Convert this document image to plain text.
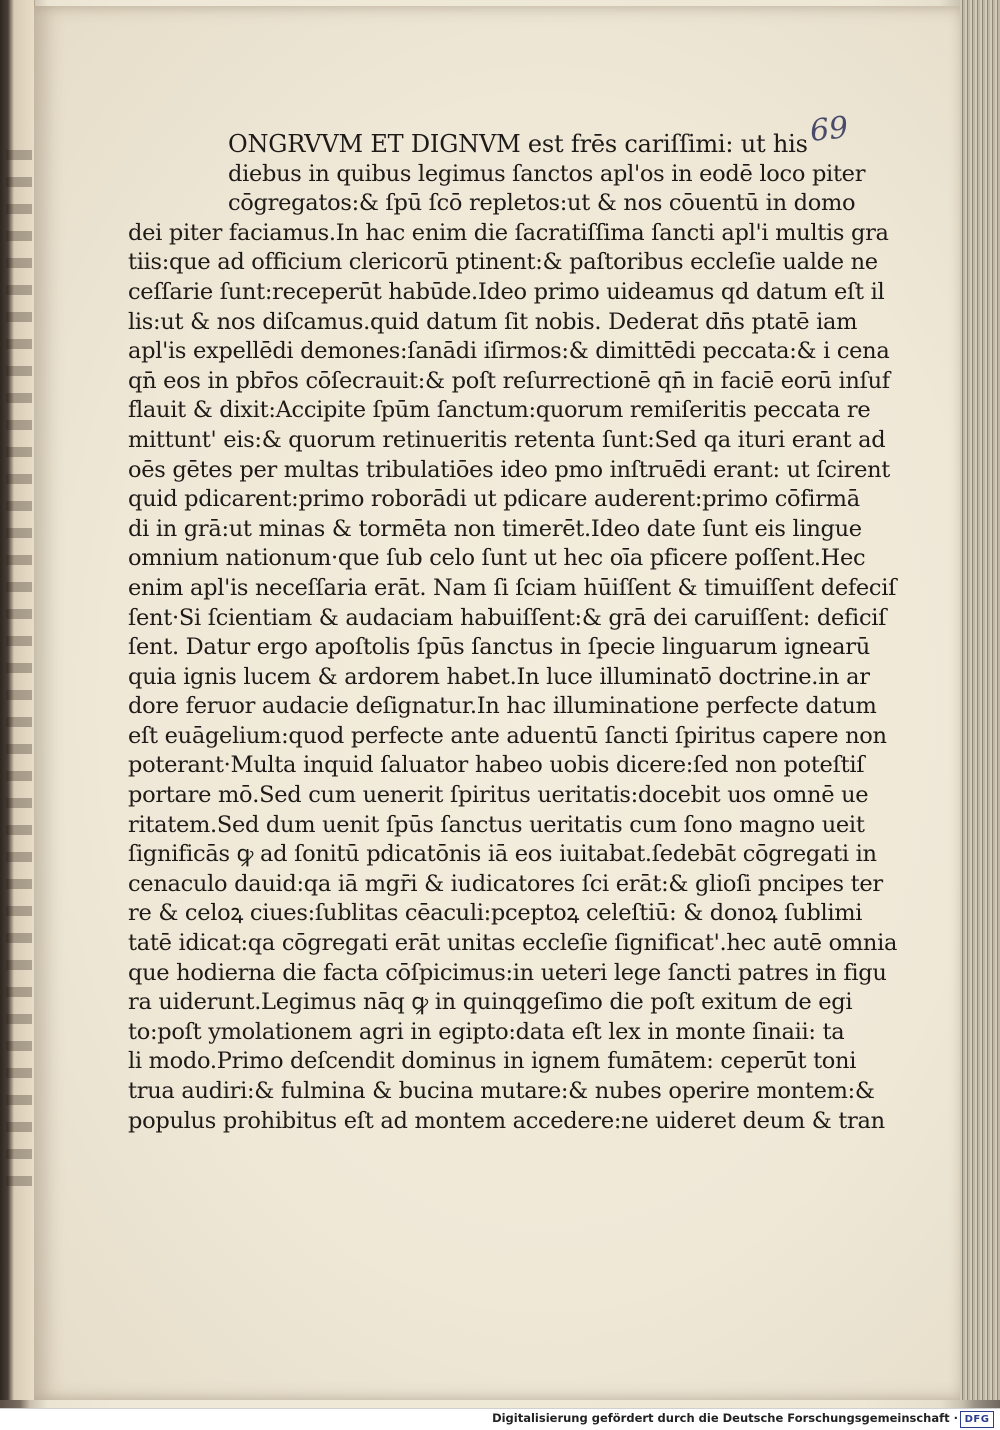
69
ONGRVVM ET DIGNVM est frēs cariſſimi: ut his
diebus in quibus legimus ſanctos apl'os in eodē loco piter
cōgregatos:& ſpū ſcō repletos:ut & nos cōuentū in domo
dei piter faciamus.In hac enim die ſacratiſſima ſancti apl'i multis gra
tiis:que ad officium clericorū ptinent:& paſtoribus eccleſie ualde ne
ceſſarie ſunt:receperūt habūde.Ideo primo uideamus qd datum eſt il
lis:ut & nos diſcamus.quid datum ſit nobis. Dederat dn̄s ptatē iam
apl'is expellēdi demones:ſanādi iſirmos:& dimittēdi peccata:& i cena
qn̄ eos in pbr̄os cōſecrauit:& poſt reſurrectionē qn̄ in faciē eorū inſuf
flauit & dixit:Accipite ſpūm ſanctum:quorum remiſeritis peccata re
mittunt' eis:& quorum retinueritis retenta ſunt:Sed qa ituri erant ad
oēs gētes per multas tribulatiōes ideo pmo inſtruēdi erant: ut ſcirent
quid pdicarent:primo roborādi ut pdicare auderent:primo cōfirmā
di in grā:ut minas & tormēta non timerēt.Ideo date ſunt eis lingue
omnium nationum·que ſub celo ſunt ut hec oīa pficere poſſent.Hec
enim apl'is neceſſaria erāt. Nam ſi ſciam hūiſſent & timuiſſent defeciſ
ſent·Si ſcientiam & audaciam habuiſſent:& grā dei caruiſſent: deficiſ
ſent. Datur ergo apoſtolis ſpūs ſanctus in ſpecie linguarum ignearū
quia ignis lucem & ardorem habet.In luce illuminatō doctrine.in ar
dore feruor audacie deſignatur.In hac illuminatione perfecte datum
eſt euāgelium:quod perfecte ante aduentū ſancti ſpiritus capere non
poterant·Multa inquid ſaluator habeo uobis dicere:ſed non poteſtiſ
portare mō.Sed cum uenerit ſpiritus ueritatis:docebit uos omnē ue
ritatem.Sed dum uenit ſpūs ſanctus ueritatis cum ſono magno ueit
ſignificās ꝙ ad ſonitū pdicatōnis iā eos iuitabat.ſedebāt cōgregati in
cenaculo dauid:qa iā mgr̄i & iudicatores ſci erāt:& glioſi pncipes ter
re & celoꝝ ciues:ſublitas cēaculi:pceptoꝝ celeſtiū: & donoꝝ ſublimi
tatē idicat:qa cōgregati erāt unitas eccleſie ſignificat'.hec autē omnia
que hodierna die facta cōſpicimus:in ueteri lege ſancti patres in figu
ra uiderunt.Legimus nāq ꝙ in quinqgeſimo die poſt exitum de egi
to:poſt ymolationem agri in egipto:data eſt lex in monte ſinaii: ta
li modo.Primo deſcendit dominus in ignem fumātem: ceperūt toni
trua audiri:& fulmina & bucina mutare:& nubes operire montem:&
populus prohibitus eſt ad montem accedere:ne uideret deum & tran
Digitalisierung gefördert durch die Deutsche Forschungsgemeinschaft · DFG
